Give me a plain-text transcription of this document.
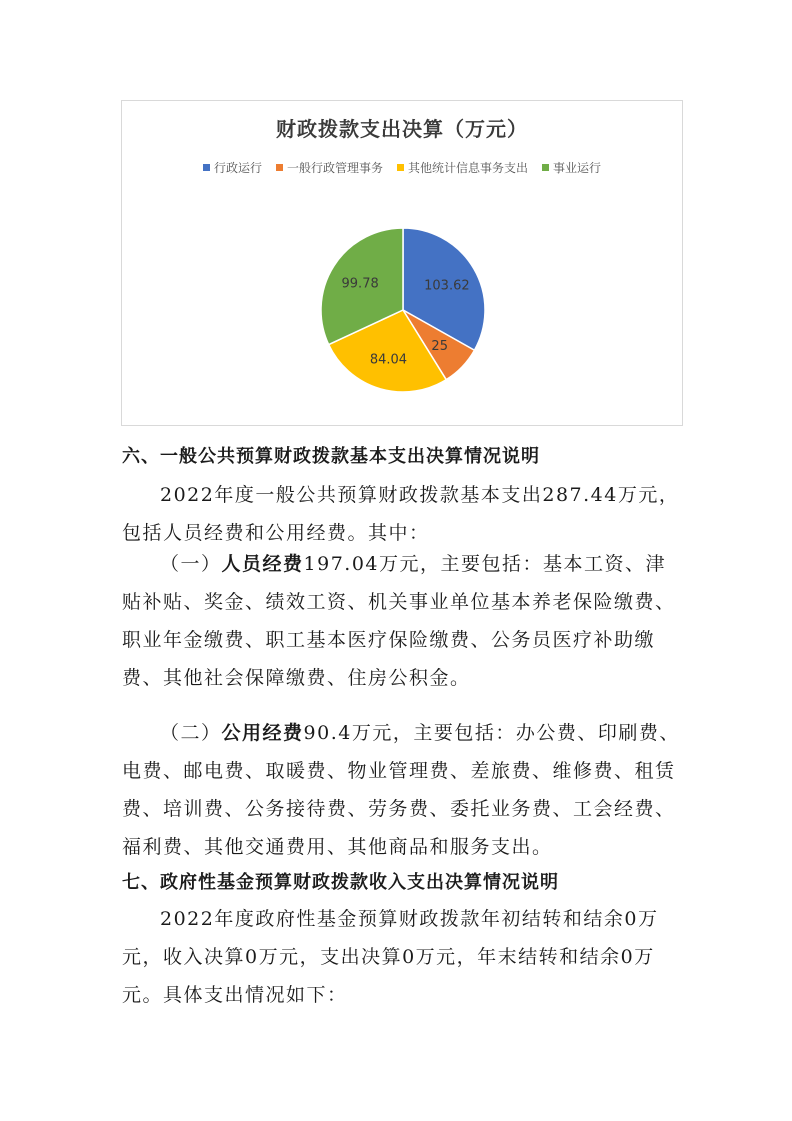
财政拨款支出决算（万元）
行政运行 一般行政管理事务 其他统计信息事务支出 事业运行
103.62
25
84.04
99.78
六、一般公共预算财政拨款基本支出决算情况说明
2022年度一般公共预算财政拨款基本支出287.44万元，包括人员经费和公用经费。其中：
（一）人员经费197.04万元，主要包括：基本工资、津贴补贴、奖金、绩效工资、机关事业单位基本养老保险缴费、职业年金缴费、职工基本医疗保险缴费、公务员医疗补助缴费、其他社会保障缴费、住房公积金。
（二）公用经费90.4万元，主要包括：办公费、印刷费、电费、邮电费、取暖费、物业管理费、差旅费、维修费、租赁费、培训费、公务接待费、劳务费、委托业务费、工会经费、福利费、其他交通费用、其他商品和服务支出。
七、政府性基金预算财政拨款收入支出决算情况说明
2022年度政府性基金预算财政拨款年初结转和结余0万元，收入决算0万元，支出决算0万元，年末结转和结余0万元。具体支出情况如下：
